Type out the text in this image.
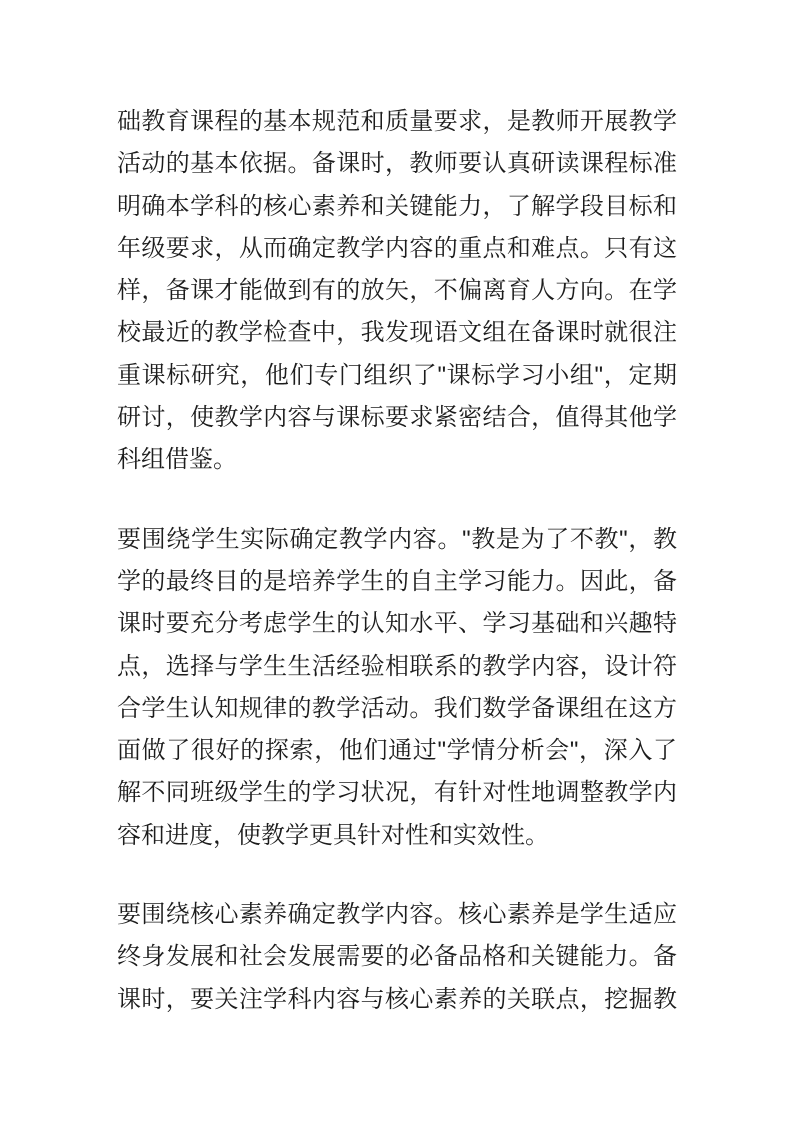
础教育课程的基本规范和质量要求，是教师开展教学
活动的基本依据。备课时，教师要认真研读课程标准
明确本学科的核心素养和关键能力，了解学段目标和
年级要求，从而确定教学内容的重点和难点。只有这
样，备课才能做到有的放矢，不偏离育人方向。在学
校最近的教学检查中，我发现语文组在备课时就很注
重课标研究，他们专门组织了"课标学习小组"，定期
研讨，使教学内容与课标要求紧密结合，值得其他学
科组借鉴。
要围绕学生实际确定教学内容。"教是为了不教"，教
学的最终目的是培养学生的自主学习能力。因此，备
课时要充分考虑学生的认知水平、学习基础和兴趣特
点，选择与学生生活经验相联系的教学内容，设计符
合学生认知规律的教学活动。我们数学备课组在这方
面做了很好的探索，他们通过"学情分析会"，深入了
解不同班级学生的学习状况，有针对性地调整教学内
容和进度，使教学更具针对性和实效性。
要围绕核心素养确定教学内容。核心素养是学生适应
终身发展和社会发展需要的必备品格和关键能力。备
课时，要关注学科内容与核心素养的关联点，挖掘教
